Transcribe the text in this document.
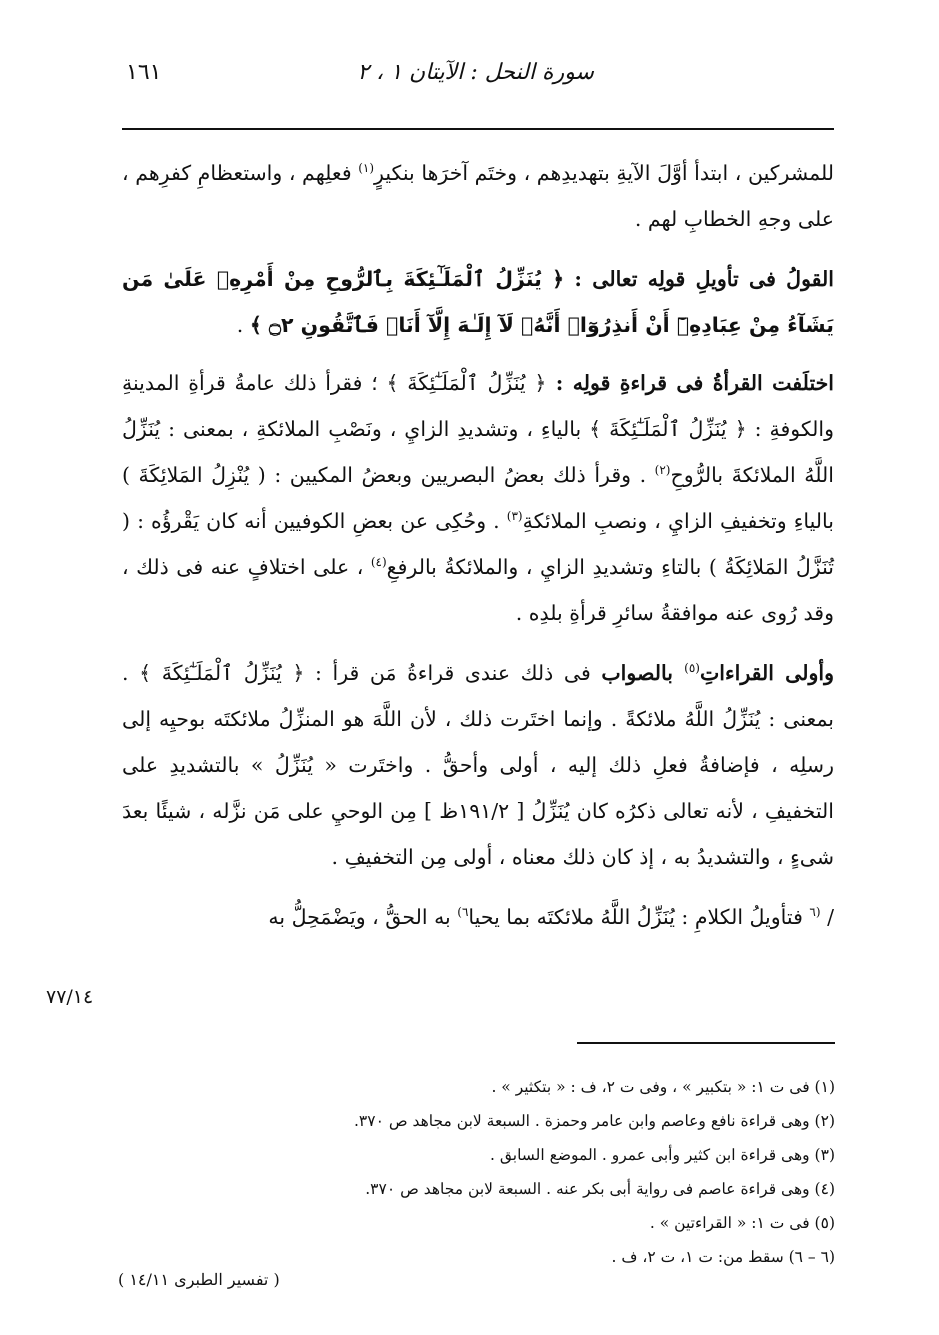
سورة النحل : الآيتان ١ ، ٢
١٦١

للمشركين ، ابتدأ أوَّلَ الآيةِ بتهديدِهم ، وختَم آخرَها بنكيرٍ$^{(١)}$ فعلِهم ، واستعظامِ كفرِهم ، على وجهِ الخطابِ لهم .

القولُ فى تأويلِ قولِه تعالى : ﴿ يُنَزِّلُ ٱلْمَلَـٰٓئِكَةَ بِٱلرُّوحِ مِنْ أَمْرِهِۦ عَلَىٰ مَن يَشَآءُ مِنْ عِبَادِهِۦٓ أَنْ أَنذِرُوٓا۟ أَنَّهُۥ لَآ إِلَـٰهَ إِلَّآ أَنَا۠ فَٱتَّقُونِ ۝٢ ﴾ .

اختلَفت القرأةُ فى قراءةِ قولِه : ﴿ يُنَزِّلُ ٱلْمَلَـٰٓئِكَةَ ﴾ ؛ فقرأ ذلك عامةُ قرأةِ المدينةِ والكوفةِ : ﴿ يُنَزِّلُ ٱلْمَلَـٰٓئِكَةَ ﴾ بالياءِ ، وتشديدِ الزايِ ، ونَصْبِ الملائكةِ ، بمعنى : يُنَزِّلُ اللَّهُ الملائكةَ بالرُّوحِ$^{(٢)}$ . وقرأ ذلك بعضُ البصريين وبعضُ المكيين : ( يُنْزِلُ المَلائِكَةَ ) بالياءِ وتخفيفِ الزايِ ، ونصبِ الملائكةِ$^{(٣)}$ . وحُكِى عن بعضِ الكوفيين أنه كان يَقْرؤُه : ( تُنَزَّلُ المَلائِكَةُ ) بالتاءِ وتشديدِ الزايِ ، والملائكةُ بالرفعِ$^{(٤)}$ ، على اختلافٍ عنه فى ذلك ، وقد رُوى عنه موافقةُ سائرِ قرأةِ بلدِه .

وأولى القراءاتِ$^{(٥)}$ بالصواب فى ذلك عندى قراءةُ مَن قرأ : ﴿ يُنَزِّلُ ٱلْمَلَـٰٓئِكَةَ ﴾ . بمعنى : يُنَزِّلُ اللَّهُ ملائكةً . وإنما اختَرت ذلك ، لأن اللَّهَ هو المنزِّلُ ملائكتَه بوحيِه إلى رسلِه ، فإضافةُ فعلِ ذلك إليه ، أولى وأحقُّ . واختَرت « يُنَزِّلُ » بالتشديدِ على التخفيفِ ، لأنه تعالى ذكرُه كان يُنَزِّلُ [ ١٩١/٢ظ ] مِن الوحيِ على مَن نزَّله ، شيئًا بعدَ شىءٍ ، والتشديدُ به ، إذ كان ذلك معناه ، أولى مِن التخفيفِ .

/ $^{(٦}$ فتأويلُ الكلامِ : يُنَزِّلُ اللَّهُ ملائكتَه بما يحيا$^{٦)}$ به الحقُّ ، ويَضْمَحِلُّ به

٧٧/١٤
(١) فى ت ١: « بتكبير » ، وفى ت ٢، ف : « بتكثير » .
(٢) وهى قراءة نافع وعاصم وابن عامر وحمزة . السبعة لابن مجاهد ص ٣٧٠.
(٣) وهى قراءة ابن كثير وأبى عمرو . الموضع السابق .
(٤) وهى قراءة عاصم فى رواية أبى بكر عنه . السبعة لابن مجاهد ص ٣٧٠.
(٥) فى ت ١: « القراءتين » .
(٦ – ٦) سقط من: ت ١، ت ٢، ف .
( تفسير الطبرى ١٤/١١ )
